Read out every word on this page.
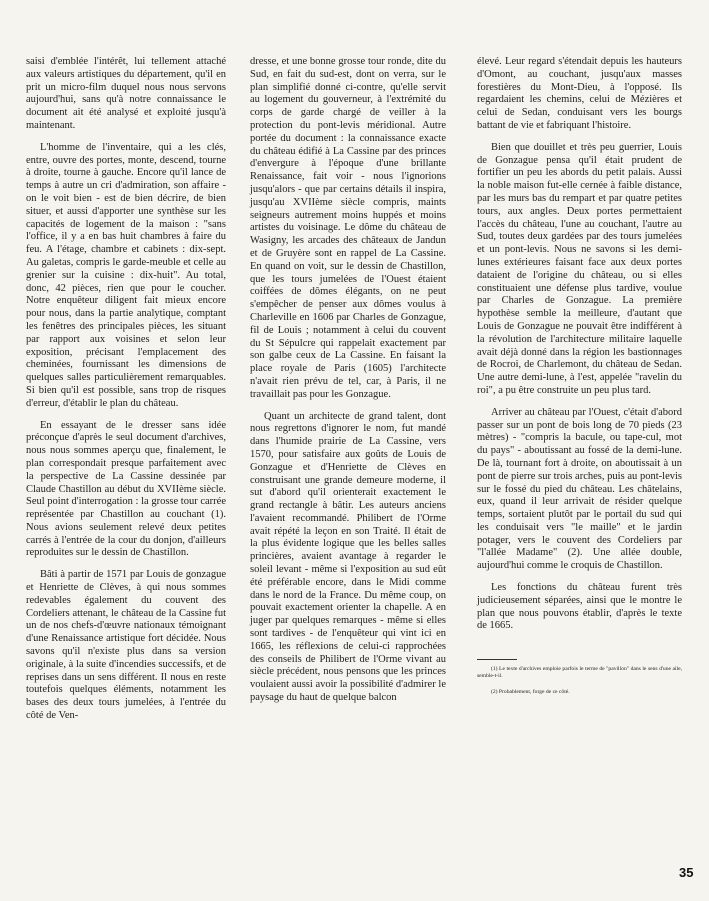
saisi d'emblée l'intérêt, lui tellement attaché aux valeurs artistiques du département, qu'il en prit un micro-film duquel nous nous servons aujourd'hui, sans qu'à notre connaissance le document ait été analysé et exploité jusqu'à maintenant.

L'homme de l'inventaire, qui a les clés, entre, ouvre des portes, monte, descend, tourne à droite, tourne à gauche. Encore qu'il lance de temps à autre un cri d'admiration, son affaire - on le voit bien - est de bien décrire, de bien situer, et aussi d'apporter une synthèse sur les capacités de logement de la maison : "sans l'office, il y a en bas huit chambres à faire du feu. A l'étage, chambre et cabinets : dix-sept. Au galetas, compris le garde-meuble et celle au grenier sur la cuisine : dix-huit". Au total, donc, 42 pièces, rien que pour le coucher. Notre enquêteur diligent fait mieux encore pour nous, dans la partie analytique, comptant les fenêtres des principales pièces, les situant par rapport aux voisines et selon leur exposition, précisant l'emplacement des cheminées, fournissant les dimensions de quelques salles particulièrement remarquables. Si bien qu'il est possible, sans trop de risques d'erreur, d'établir le plan du château.

En essayant de le dresser sans idée préconçue d'après le seul document d'archives, nous nous sommes aperçu que, finalement, le plan correspondait presque parfaitement avec la perspective de La Cassine dessinée par Claude Chastillon au début du XVIIème siècle. Seul point d'interrogation : la grosse tour carrée représentée par Chastillon au couchant (1). Nous avions seulement relevé deux petites carrés à l'entrée de la cour du donjon, d'ailleurs reproduites sur le dessin de Chastillon.

Bâti à partir de 1571 par Louis de gonzague et Henriette de Clèves, à qui nous sommes redevables également du couvent des Cordeliers attenant, le château de la Cassine fut un de nos chefs-d'œuvre nationaux témoignant d'une Renaissance artistique fort décidée. Nous savons qu'il n'existe plus dans sa version originale, à la suite d'incendies successifs, et de reprises dans un sens différent. Il nous en reste toutefois quelques éléments, notamment les bases des deux tours jumelées, à l'entrée du côté de Ven-

dresse, et une bonne grosse tour ronde, dite du Sud, en fait du sud-est, dont on verra, sur le plan simplifié donné ci-contre, qu'elle servit au logement du gouverneur, à l'extrémité du corps de garde chargé de veiller à la protection du pont-levis méridional. Autre portée du document : la connaissance exacte du château édifié à La Cassine par des princes d'envergure à l'époque d'une brillante Renaissance, fait voir - nous l'ignorions jusqu'alors - que par certains détails il inspira, jusqu'au XVIIème siècle compris, maints seigneurs autrement moins huppés et moins artistes du voisinage. Le dôme du château de Wasigny, les arcades des châteaux de Jandun et de Gruyère sont en rappel de La Cassine. En quand on voit, sur le dessin de Chastillon, que les tours jumelées de l'Ouest étaient coiffées de dômes élégants, on ne peut s'empêcher de penser aux dômes voulus à Charleville en 1606 par Charles de Gonzague, fil de Louis ; notamment à celui du couvent du St Sépulcre qui rappelait exactement par son galbe ceux de La Cassine. En faisant la place royale de Paris (1605) l'architecte n'avait rien prévu de tel, car, à Paris, il ne travaillait pas pour les Gonzague.

Quant un architecte de grand talent, dont nous regrettons d'ignorer le nom, fut mandé dans l'humide prairie de La Cassine, vers 1570, pour satisfaire aux goûts de Louis de Gonzague et d'Henriette de Clèves en construisant une grande demeure moderne, il sut d'abord qu'il orienterait exactement le grand rectangle à bâtir. Les auteurs anciens l'avaient recommandé. Philibert de l'Orme avait répété la leçon en son Traité. Il était de la plus évidente logique que les belles salles princières, avaient avantage à regarder le soleil levant - même si l'exposition au sud eût été préférable encore, dans le Midi comme dans le nord de la France. Du même coup, on pouvait exactement orienter la chapelle. A en juger par quelques remarques - même si elles sont tardives - de l'enquêteur qui vint ici en 1665, les réflexions de celui-ci rapprochées des conseils de Philibert de l'Orme vivant au siècle précédent, nous pensons que les princes voulaient aussi avoir la possibilité d'admirer le paysage du haut de quelque balcon

élevé. Leur regard s'étendait depuis les hauteurs d'Omont, au couchant, jusqu'aux masses forestières du Mont-Dieu, à l'opposé. Ils regardaient les chemins, celui de Mézières et celui de Sedan, conduisant vers les bourgs battant de vie et fabriquant l'histoire.

Bien que douillet et très peu guerrier, Louis de Gonzague pensa qu'il était prudent de fortifier un peu les abords du petit palais. Aussi la noble maison fut-elle cernée à faible distance, par les murs bas du rempart et par quatre petites tours, aux angles. Deux portes permettaient l'accès du château, l'une au couchant, l'autre au Sud, toutes deux gardées par des tours jumelées et un pont-levis. Nous ne savons si les demi-lunes extérieures faisant face aux deux portes dataient de l'origine du château, ou si elles constituaient une défense plus tardive, voulue par Charles de Gonzague. La première hypothèse semble la meilleure, d'autant que Louis de Gonzague ne pouvait être indifférent à la révolution de l'architecture militaire laquelle avait déjà donné dans la région les bastionnages de Rocroi, de Charlemont, du château de Sedan. Une autre demi-lune, à l'est, appelée "ravelin du roi", a pu être construite un peu plus tard.

Arriver au château par l'Ouest, c'était d'abord passer sur un pont de bois long de 70 pieds (23 mètres) - "compris la bacule, ou tape-cul, mot du pays" - aboutissant au fossé de la demi-lune. De là, tournant fort à droite, on aboutissait à un pont de pierre sur trois arches, puis au pont-levis sur le fossé du pied du château. Les châtelains, eux, quand il leur arrivait de résider quelque temps, sortaient plutôt par le portail du sud qui les conduisait vers "le maille" et le jardin potager, vers le couvent des Cordeliers par "l'allée Madame" (2). Une allée double, aujourd'hui comme le croquis de Chastillon.

Les fonctions du château furent très judicieusement séparées, ainsi que le montre le plan que nous pouvons établir, d'après le texte de 1665.

(1) Le texte d'archives emploie parfois le terme de "pavillon" dans le sens d'une aile, semble-t-il.

(2) Probablement, forge de ce côté.

35
